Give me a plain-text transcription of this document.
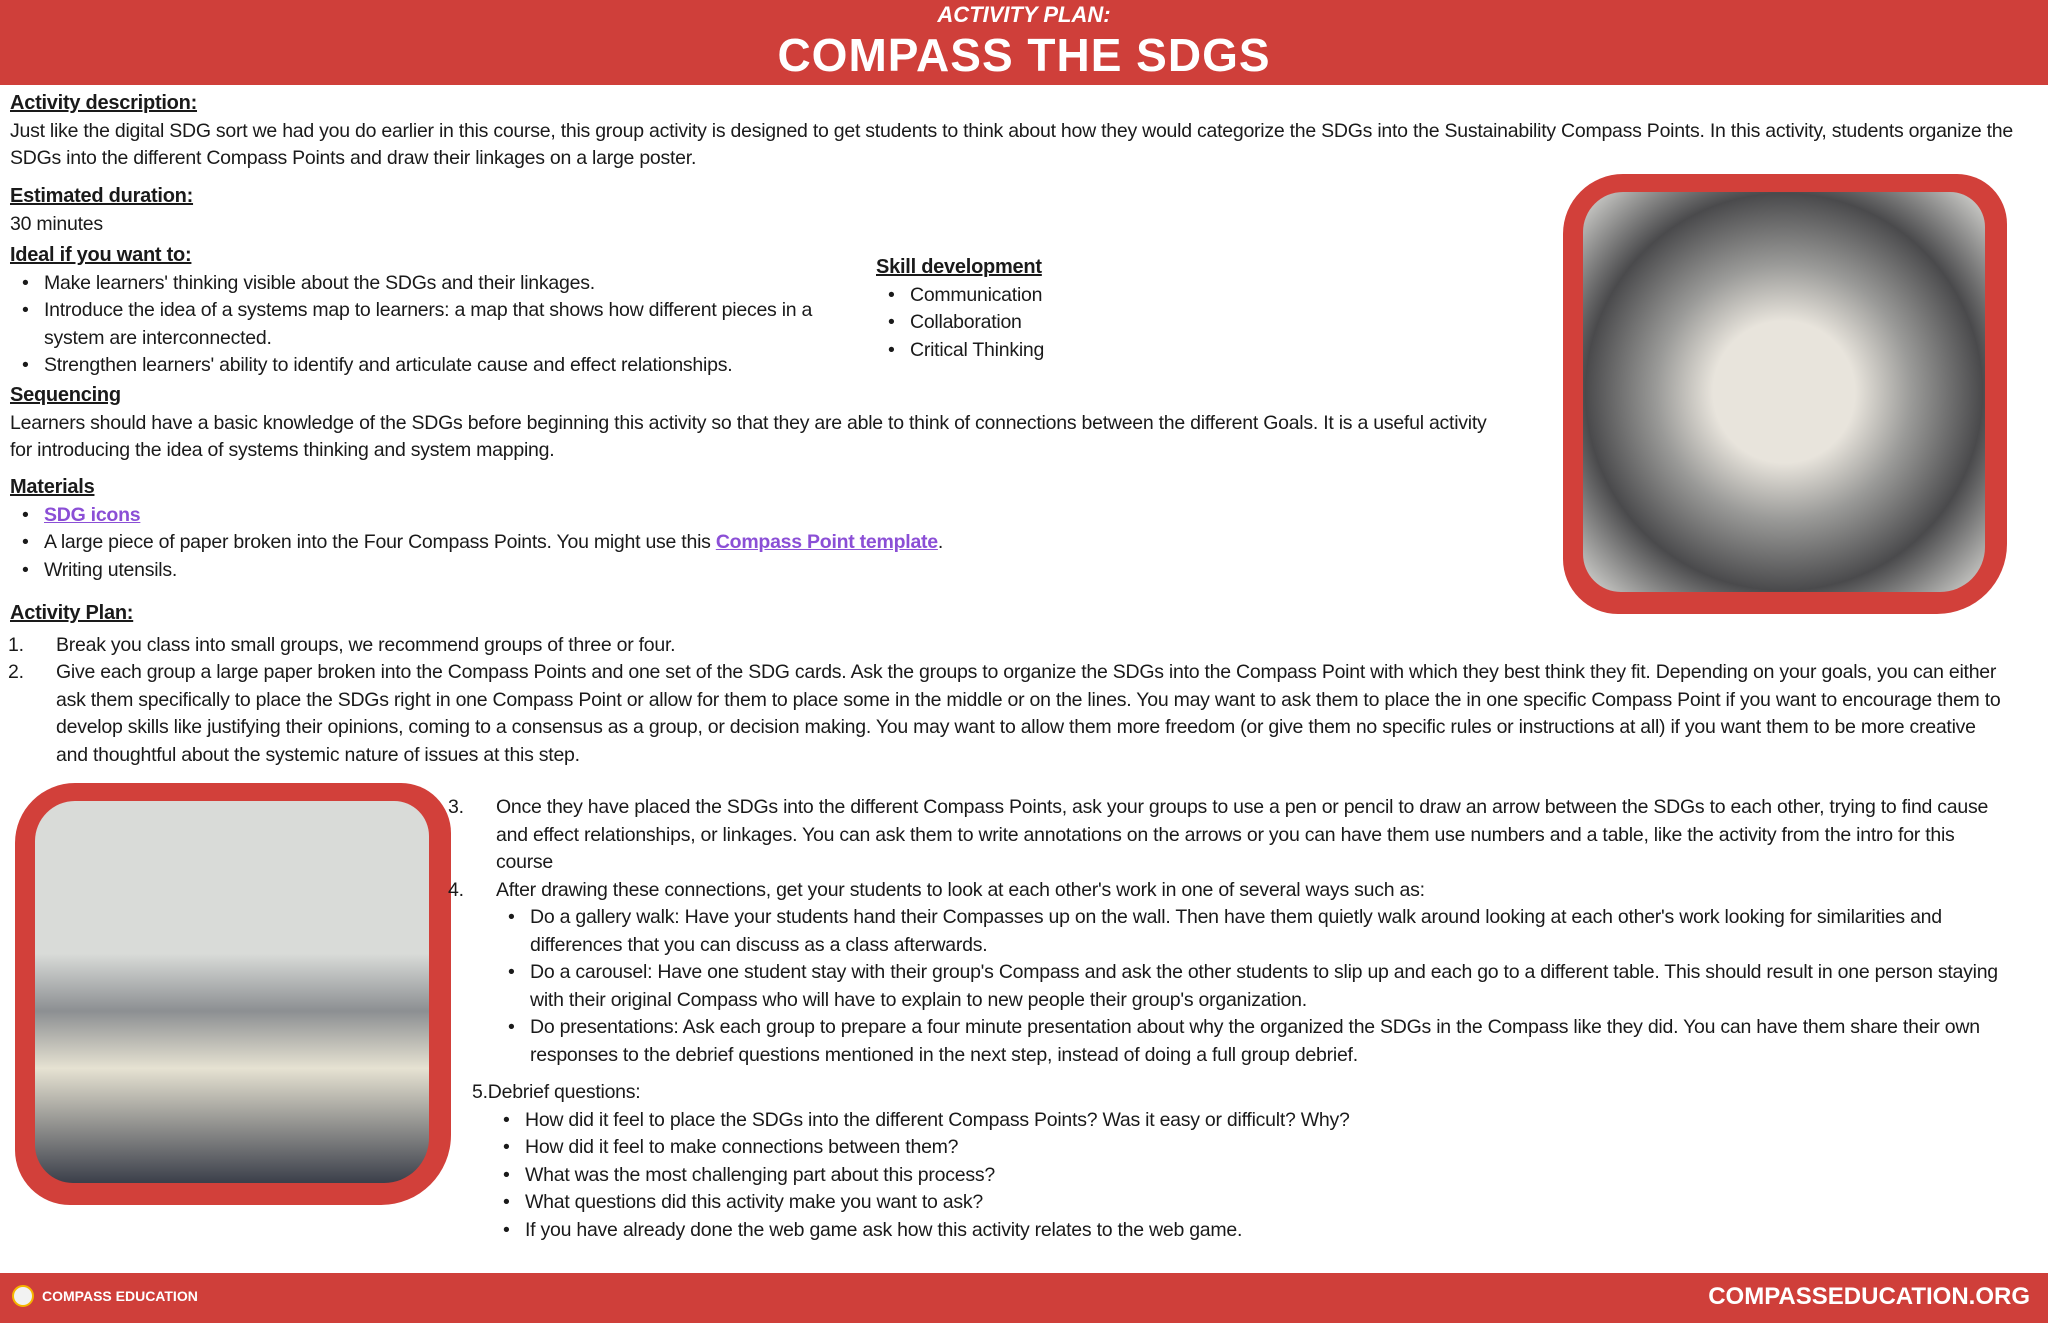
ACTIVITY PLAN:
COMPASS THE SDGS
Activity description:
Just like the digital SDG sort we had you do earlier in this course, this group activity is designed to get students to think about how they would categorize the SDGs into the Sustainability Compass Points. In this activity, students organize the SDGs into the different Compass Points and draw their linkages on a large poster.
Estimated duration:
30 minutes
Ideal if you want to:
• Make learners' thinking visible about the SDGs and their linkages.
• Introduce the idea of a systems map to learners: a map that shows how different pieces in a system are interconnected.
• Strengthen learners' ability to identify and articulate cause and effect relationships.
Skill development
• Communication
• Collaboration
• Critical Thinking
Sequencing
Learners should have a basic knowledge of the SDGs before beginning this activity so that they are able to think of connections between the different Goals. It is a useful activity for introducing the idea of systems thinking and system mapping.
Materials
• SDG icons
• A large piece of paper broken into the Four Compass Points. You might use this Compass Point template.
• Writing utensils.
Activity Plan:
1. Break you class into small groups, we recommend groups of three or four.
2. Give each group a large paper broken into the Compass Points and one set of the SDG cards. Ask the groups to organize the SDGs into the Compass Point with which they best think they fit. Depending on your goals, you can either ask them specifically to place the SDGs right in one Compass Point or allow for them to place some in the middle or on the lines. You may want to ask them to place the in one specific Compass Point if you want to encourage them to develop skills like justifying their opinions, coming to a consensus as a group, or decision making. You may want to allow them more freedom (or give them no specific rules or instructions at all) if you want them to be more creative and thoughtful about the systemic nature of issues at this step.
3. Once they have placed the SDGs into the different Compass Points, ask your groups to use a pen or pencil to draw an arrow between the SDGs to each other, trying to find cause and effect relationships, or linkages. You can ask them to write annotations on the arrows or you can have them use numbers and a table, like the activity from the intro for this course
4. After drawing these connections, get your students to look at each other's work in one of several ways such as:
• Do a gallery walk: Have your students hand their Compasses up on the wall. Then have them quietly walk around looking at each other's work looking for similarities and differences that you can discuss as a class afterwards.
• Do a carousel: Have one student stay with their group's Compass and ask the other students to slip up and each go to a different table. This should result in one person staying with their original Compass who will have to explain to new people their group's organization.
• Do presentations: Ask each group to prepare a four minute presentation about why the organized the SDGs in the Compass like they did. You can have them share their own responses to the debrief questions mentioned in the next step, instead of doing a full group debrief.
5.Debrief questions:
• How did it feel to place the SDGs into the different Compass Points? Was it easy or difficult? Why?
• How did it feel to make connections between them?
• What was the most challenging part about this process?
• What questions did this activity make you want to ask?
• If you have already done the web game ask how this activity relates to the web game.
COMPASS EDUCATION	COMPASSEDUCATION.ORG
